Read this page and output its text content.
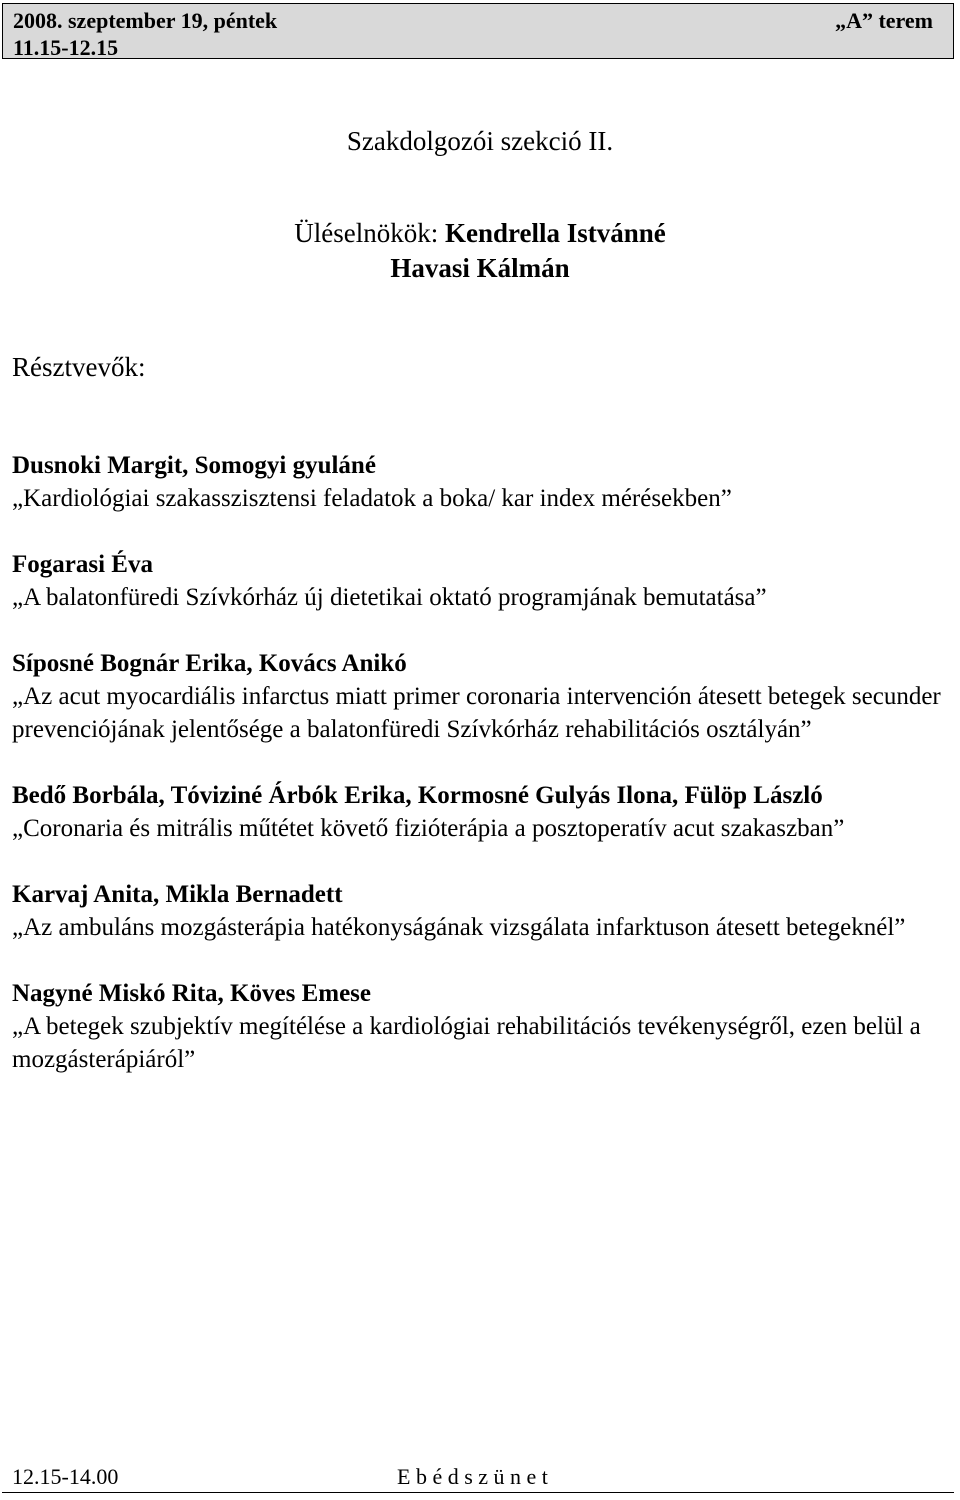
2008. szeptember 19, péntek	„A” terem
11.15-12.15
Szakdolgozói szekció II.
Üléselnökök: Kendrella Istvánné
Havasi Kálmán
Résztvevők:
Dusnoki Margit, Somogyi gyuláné
„Kardiológiai szakasszisztensi feladatok a boka/ kar index mérésekben”
Fogarasi Éva
„A balatonfüredi Szívkórház új dietetikai oktató programjának bemutatása”
Síposné Bognár Erika, Kovács Anikó
„Az acut myocardiális infarctus miatt primer coronaria intervención átesett betegek secunder prevenciójának jelentősége a balatonfüredi Szívkórház rehabilitációs osztályán”
Bedő Borbála, Tóviziné Árbók Erika, Kormosné Gulyás Ilona, Fülöp László
„Coronaria és mitrális műtétet követő fizióterápia a posztoperatív acut szakaszban”
Karvaj Anita, Mikla Bernadett
„Az ambuláns mozgásterápia hatékonyságának vizsgálata infarktuson átesett betegeknél”
Nagyné Miskó Rita, Köves Emese
„A betegek szubjektív megítélése a kardiológiai rehabilitációs tevékenységről, ezen belül a mozgásterápiáról”
12.15-14.00	E b é d s z ü n e t
